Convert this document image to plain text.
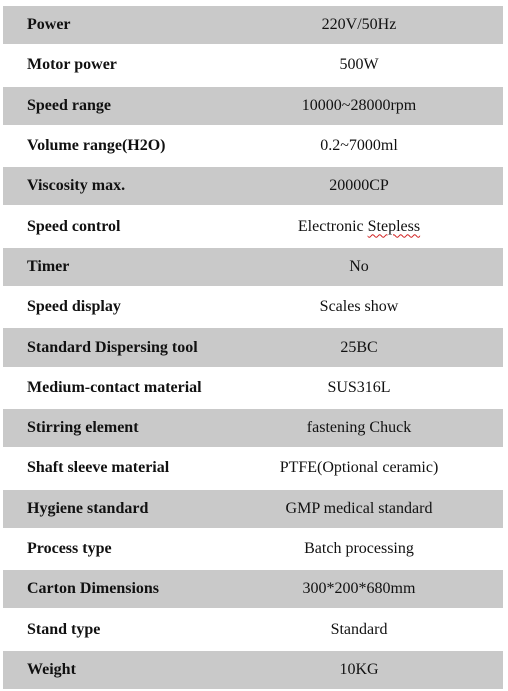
Power	220V/50Hz
Motor power	500W
Speed range	10000~28000rpm
Volume range(H2O)	0.2~7000ml
Viscosity max.	20000CP
Speed control	Electronic Stepless
Timer	No
Speed display	Scales show
Standard Dispersing tool	25BC
Medium-contact material	SUS316L
Stirring element	fastening Chuck
Shaft sleeve material	PTFE(Optional ceramic)
Hygiene standard	GMP medical standard
Process type	Batch processing
Carton Dimensions	300*200*680mm
Stand type	Standard
Weight	10KG
